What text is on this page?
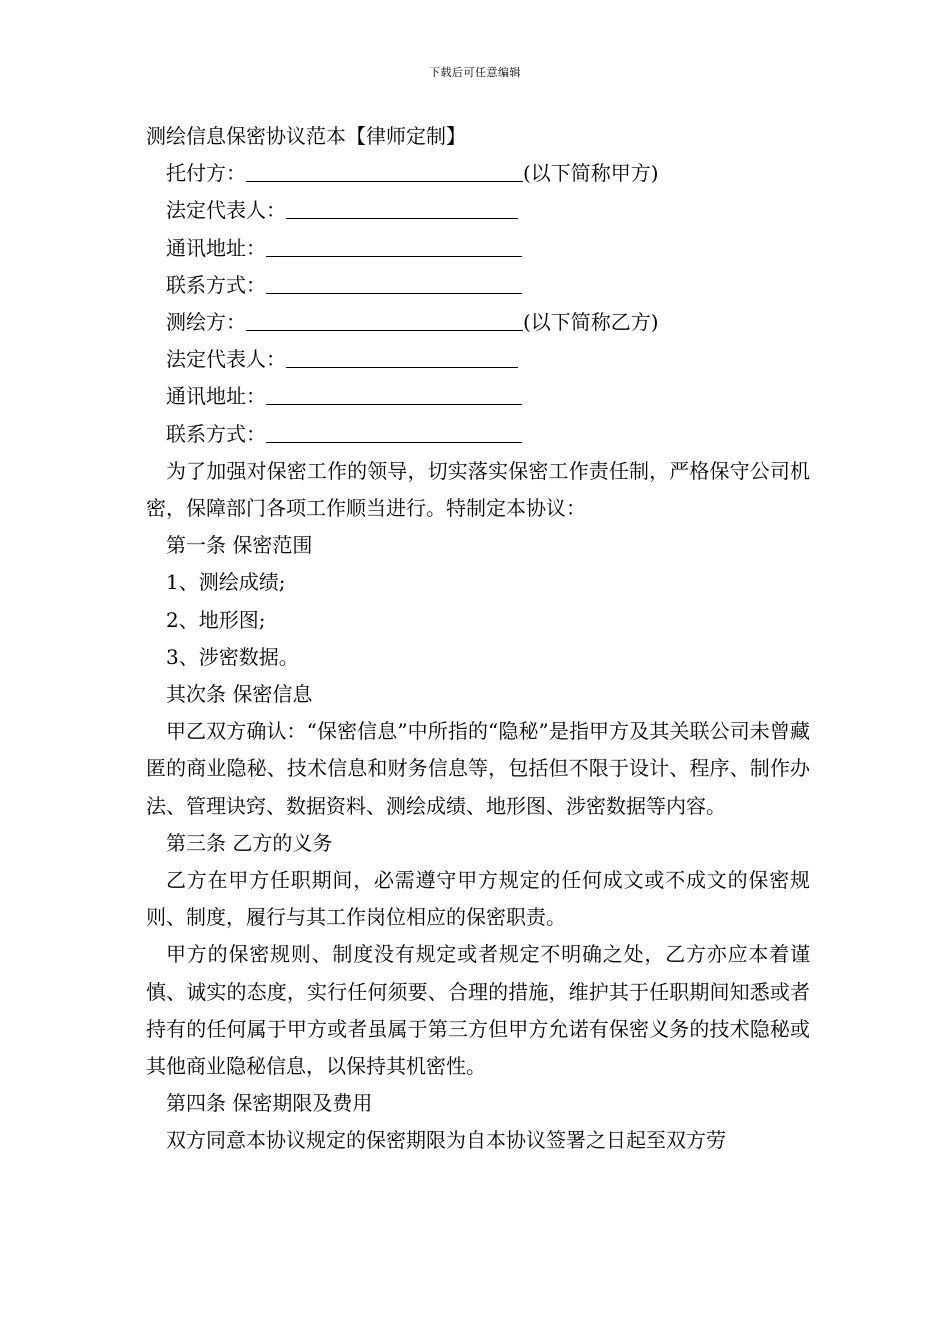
下载后可任意编辑

测绘信息保密协议范本【律师定制】

托付方：	(以下简称甲方)

法定代表人：

通讯地址：

联系方式：

测绘方：	(以下简称乙方)

法定代表人：

通讯地址：

联系方式：

为了加强对保密工作的领导，切实落实保密工作责任制，严格保守公司机密，保障部门各项工作顺当进行。特制定本协议：

第一条 保密范围

1、测绘成绩;

2、地形图;

3、涉密数据。

其次条 保密信息

甲乙双方确认：“保密信息”中所指的“隐秘”是指甲方及其关联公司未曾藏匿的商业隐秘、技术信息和财务信息等，包括但不限于设计、程序、制作办法、管理诀窍、数据资料、测绘成绩、地形图、涉密数据等内容。

第三条 乙方的义务

乙方在甲方任职期间，必需遵守甲方规定的任何成文或不成文的保密规则、制度，履行与其工作岗位相应的保密职责。

甲方的保密规则、制度没有规定或者规定不明确之处，乙方亦应本着谨慎、诚实的态度，实行任何须要、合理的措施，维护其于任职期间知悉或者持有的任何属于甲方或者虽属于第三方但甲方允诺有保密义务的技术隐秘或其他商业隐秘信息，以保持其机密性。

第四条 保密期限及费用

双方同意本协议规定的保密期限为自本协议签署之日起至双方劳
